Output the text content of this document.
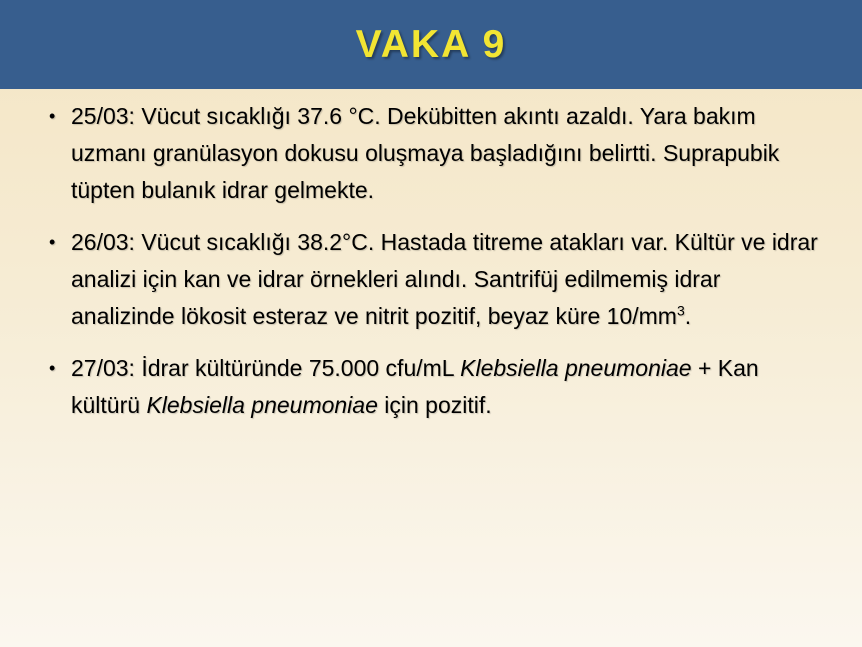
VAKA 9
• 25/03: Vücut sıcaklığı 37.6 °C. Dekübitten akıntı azaldı. Yara bakım uzmanı granülasyon dokusu oluşmaya başladığını belirtti. Suprapubik tüpten bulanık idrar gelmekte.
• 26/03: Vücut sıcaklığı 38.2°C. Hastada titreme atakları var. Kültür ve idrar analizi için kan ve idrar örnekleri alındı. Santrifüj edilmemiş idrar analizinde lökosit esteraz ve nitrit pozitif, beyaz küre $10/mm^3$.
• 27/03: İdrar kültüründe 75.000 cfu/mL Klebsiella pneumoniae + Kan kültürü Klebsiella pneumoniae için pozitif.
